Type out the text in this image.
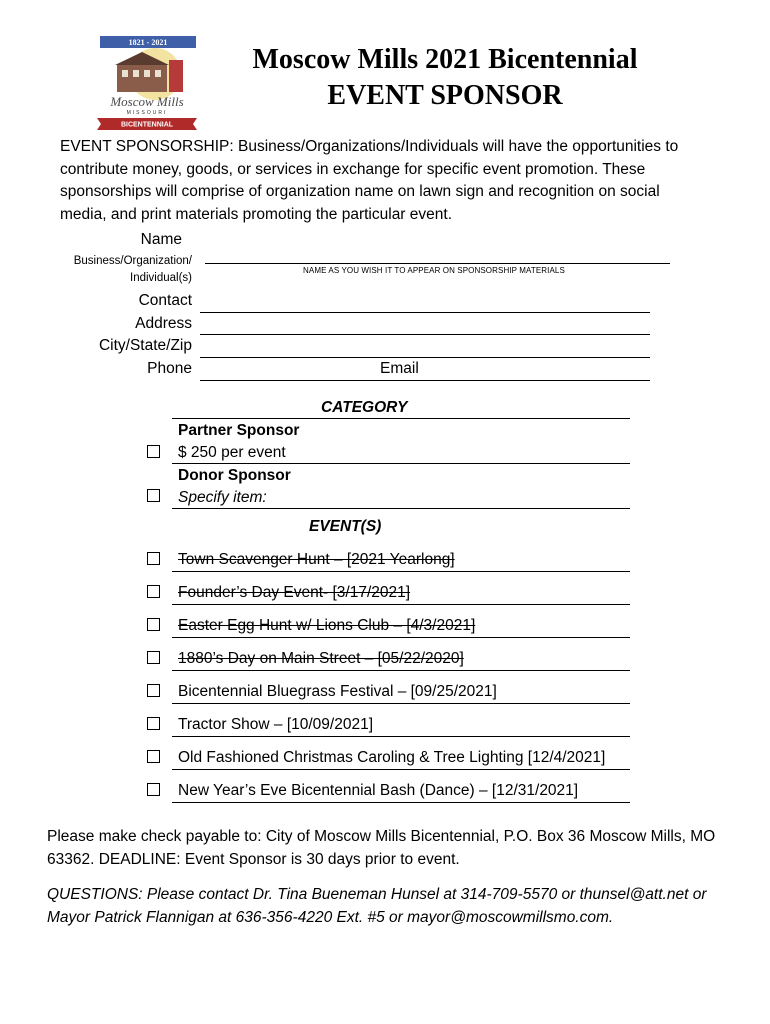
1821 - 2021
Moscow Mills
MISSOURI
BICENTENNIAL
Moscow Mills 2021 Bicentennial
EVENT SPONSOR
EVENT SPONSORSHIP: Business/Organizations/Individuals will have the opportunities to contribute money, goods, or services in exchange for specific event promotion. These sponsorships will comprise of organization name on lawn sign and recognition on social media, and print materials promoting the particular event.
Name
Business/Organization/
Individual(s)
NAME AS YOU WISH IT TO APPEAR ON SPONSORSHIP MATERIALS
Contact
Address
City/State/Zip
Phone	Email
CATEGORY
Partner Sponsor
$ 250 per event
Donor Sponsor
Specify item:
EVENT(S)
Town Scavenger Hunt – [2021 Yearlong]
Founder’s Day Event- [3/17/2021]
Easter Egg Hunt w/ Lions Club – [4/3/2021]
1880’s Day on Main Street – [05/22/2020]
Bicentennial Bluegrass Festival – [09/25/2021]
Tractor Show – [10/09/2021]
Old Fashioned Christmas Caroling & Tree Lighting [12/4/2021]
New Year’s Eve Bicentennial Bash (Dance) – [12/31/2021]
Please make check payable to: City of Moscow Mills Bicentennial, P.O. Box 36 Moscow Mills, MO 63362. DEADLINE: Event Sponsor is 30 days prior to event.
QUESTIONS: Please contact Dr. Tina Bueneman Hunsel at 314-709-5570 or thunsel@att.net or Mayor Patrick Flannigan at 636-356-4220 Ext. #5 or mayor@moscowmillsmo.com.
